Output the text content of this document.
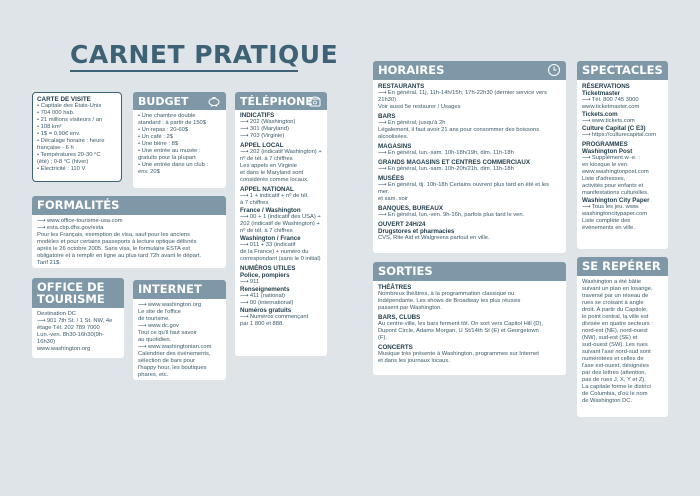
CARNET PRATIQUE
CARTE DE VISITE
• Capitale des États-Unis
• 704 000 hab.
• 21 millions visiteurs / an
• 108 km²
• 1$ = 0,90€ env.
• Décalage horaire : heure
française - 6 h
• Températures 20-30 °C
(été) ; 0-8 °C (hiver)
• Électricité : 110 V
BUDGET
• Une chambre double
standard : à partir de 150$
• Un repas : 20-60$
• Un café : 2$
• Une bière : 8$
• Une entrée au musée :
gratuits pour la plupart
• Une entrée dans un club :
env. 20$
TÉLÉPHONE
INDICATIFS
⟶ 202 (Washington)
⟶ 301 (Maryland)
⟶ 703 (Virginie)
APPEL LOCAL
⟶ 202 (indicatif Washington) +
nº de tél. à 7 chiffres
Les appels en Virginie
et dans le Maryland sont
considérés comme locaux.
APPEL NATIONAL
⟶ 1 + indicatif + nº de tél.
à 7 chiffres
France / Washington
⟶ 00 + 1 (indicatif des USA) +
202 (indicatif de Washington) +
nº de tél. à 7 chiffres
Washington / France
⟶ 011 + 33 (indicatif
de la France) + numéro du
correspondant (sans le 0 initial)
NUMÉROS UTILES
Police, pompiers
⟶ 911
Renseignements
⟶ 411 (national)
⟶ 00 (international)
Numéros gratuits
⟶ Numéros commençant
par 1 800 et 888.
FORMALITÉS
⟶ www.office-tourisme-usa.com
⟶ esta.cbp.dhs.gov/esta
Pour les Français, exemption de visa, sauf pour les anciens
modèles et pour certains passeports à lecture optique délivrés
après le 26 octobre 2005. Sans visa, le formulaire ESTA est
obligatoire et à remplir en ligne au plus tard 72h avant le départ.
Tarif 21$.
OFFICE DE
TOURISME
Destination DC
⟶ 901 7th St. / 1 St. NW, 4e
étage Tél. 202 789 7000
Lun.-ven. 8h30-16h30(9h-16h30)
www.washington.org
INTERNET
⟶ www.washington.org
Le site de l'office
de tourisme.
⟶ www.dc.gov
Tout ce qu'il faut savoir
au quotidien.
⟶ www.washingtonian.com
Calendrier des événements,
sélection de bars pour
l'happy hour, les boutiques
phares, etc.
HORAIRES
RESTAURANTS
⟶ En général, 11j, 11h-14h/15h, 17h-22h30 (dernier service vers 21h30)
Voir aussi 5e restaurer / Usages
BARS
⟶ En général, jusqu'à 2h
Légalement, il faut avoir 21 ans pour consommer des boissons
alcoolisées.
MAGASINS
⟶ En général, lun.-sam. 10h-18h/19h, dim. 11h-18h
GRANDS MAGASINS ET CENTRES COMMERCIAUX
⟶ En général, lun.-sam. 10h-20h/21h, dim. 11h-18h
MUSÉES
⟶ En général, tlj. 10h-18h Certains ouvrent plus tard en été et les mer.
et sam. soir
BANQUES, BUREAUX
⟶ En général, lun.-ven. 9h-16h, parfois plus tard le ven.
OUVERT 24H/24
Drugstores et pharmacies
CVS, Rite Aid et Walgreens partout en ville.
SORTIES
THÉÂTRES
Nombreux théâtres, à la programmation classique ou
indépendante. Les shows de Broadway les plus réussis
passent par Washington.
BARS, CLUBS
Au centre-ville, les bars ferment tôt. On sort vers Capitol Hill (D),
Dupont Circle, Adams Morgan, U St/14th St (E) et Georgetown
(F).
CONCERTS
Musique très présente à Washington, programmes sur Internet
et dans les journaux locaux.
SPECTACLES
RÉSERVATIONS
Ticketmaster
⟶ Tél. 800 745 3000
www.ticketmaster.com
Tickets.com
⟶ www.tickets.com
Culture Capital (C E3)
⟶ https://culturecapital.com
PROGRAMMES
Washington Post
⟶ Supplément w.-e. :
en kiosque le ven.
www.washingtonpost.com
Liste d'adresses,
activités pour enfants et
manifestations culturelles.
Washington City Paper
⟶ Tous les jeu. www.
washingtoncitypaper.com
Liste complète des
événements en ville.
SE REPÉRER
Washington a été bâtie
suivant un plan en losange,
traversé par un réseau de
rues se croisant à angle
droit. À partir du Capitole,
le point central, la ville est
divisée en quatre secteurs :
nord-est (NE), nord-ouest
(NW), sud-est (SE) et
sud-ouest (SW). Les rues
suivant l'axe nord-sud sont
numérotées et celles de
l'axe est-ouest, désignées
par des lettres (attention,
pas de rues J, X, Y et Z).
La capitale forme le district
de Columbia, d'où le nom
de Washington DC.
